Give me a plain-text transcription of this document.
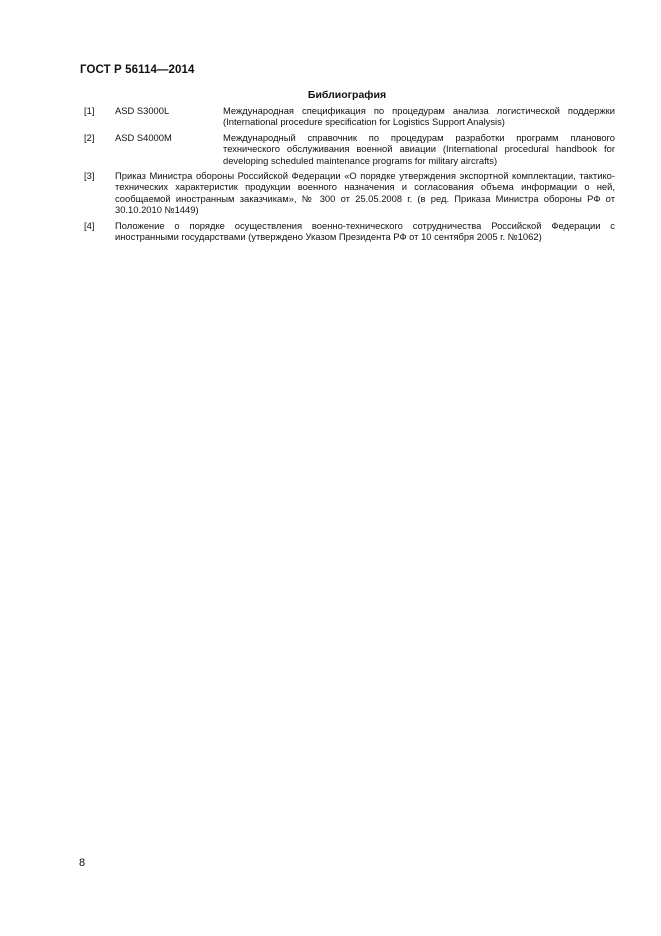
ГОСТ Р 56114—2014
Библиография
[1] ASD S3000L	Международная спецификация по процедурам анализа логистической поддержки (International procedure specification for Logistics Support Analysis)
[2] ASD S4000M	Международный справочник по процедурам разработки программ планового технического обслуживания военной авиации (International procedural handbook for developing scheduled maintenance programs for military aircrafts)
[3] Приказ Министра обороны Российской Федерации «О порядке утверждения экспортной комплектации, тактико-технических характеристик продукции военного назначения и согласования объема информации о ней, сообщаемой иностранным заказчикам», № 300 от 25.05.2008 г. (в ред. Приказа Министра обороны РФ от 30.10.2010 №1449)
[4] Положение о порядке осуществления военно-технического сотрудничества Российской Федерации с иностранными государствами (утверждено Указом Президента РФ от 10 сентября 2005 г. №1062)
8
